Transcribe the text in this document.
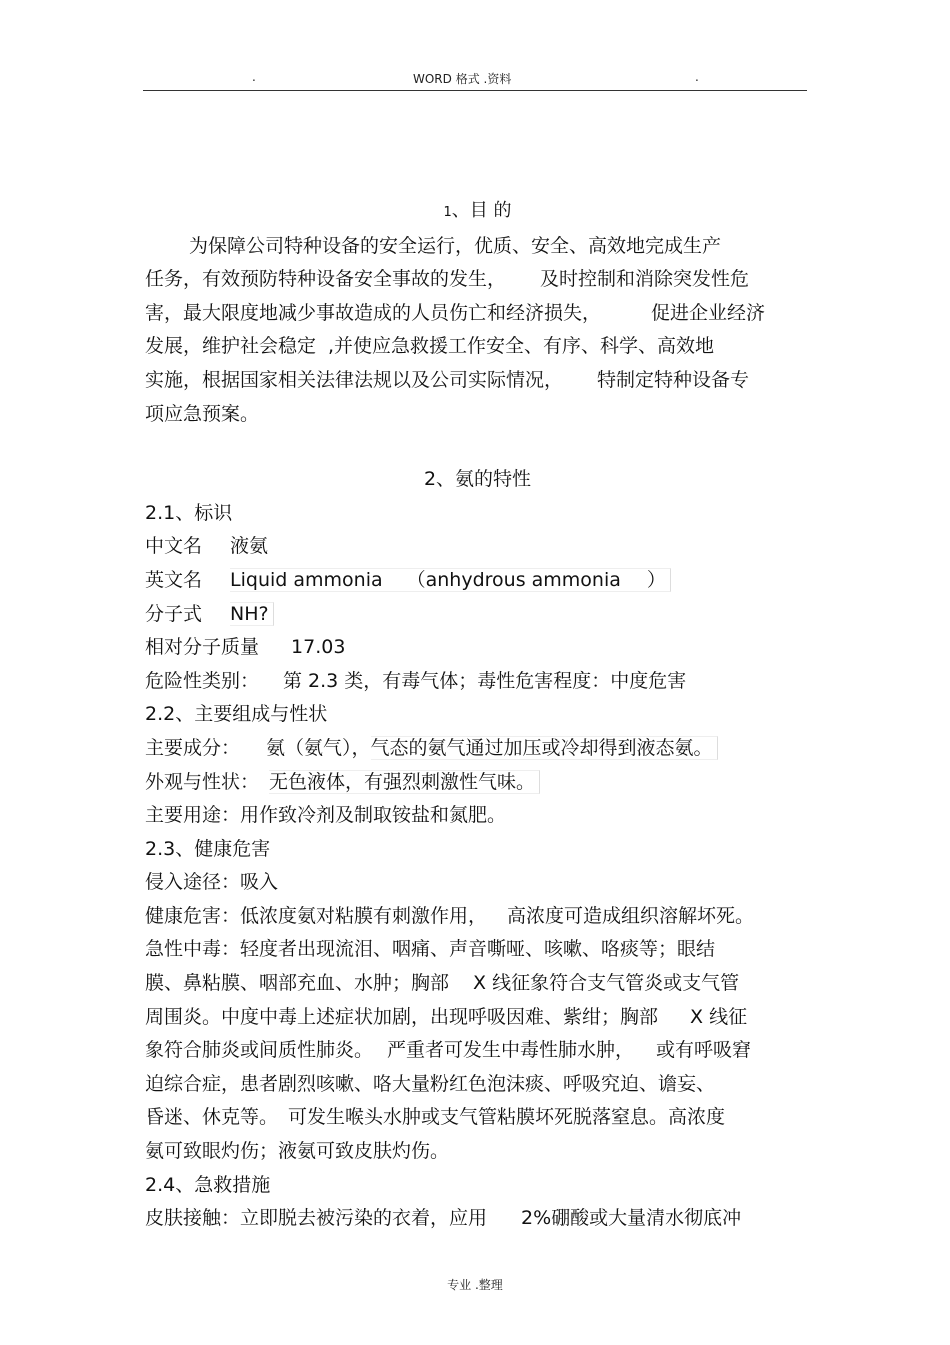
.	WORD 格式 .资料	.
1、目 的
为保障公司特种设备的安全运行，优质、安全、高效地完成生产
任务，有效预防特种设备安全事故的发生， 及时控制和消除突发性危
害，最大限度地减少事故造成的人员伤亡和经济损失，	促进企业经济
发展，维护社会稳定 ,并使应急救援工作安全、有序、科学、高效地
实施，根据国家相关法律法规以及公司实际情况， 特制定特种设备专
项应急预案。
2、氨的特性
2.1、标识
中文名 液氨
英文名 Liquid ammonia （anhydrous ammonia ）
分子式 NH?
相对分子质量 17.03
危险性类别： 第 2.3 类，有毒气体；毒性危害程度：中度危害
2.2、主要组成与性状
主要成分： 氨（氨气），气态的氨气通过加压或冷却得到液态氨。
外观与性状： 无色液体，有强烈刺激性气味。
主要用途：用作致冷剂及制取铵盐和氮肥。
2.3、健康危害
侵入途径：吸入
健康危害：低浓度氨对粘膜有刺激作用， 高浓度可造成组织溶解坏死。
急性中毒：轻度者出现流泪、咽痛、声音嘶哑、咳嗽、咯痰等；眼结
膜、鼻粘膜、咽部充血、水肿；胸部 X 线征象符合支气管炎或支气管
周围炎。中度中毒上述症状加剧，出现呼吸因难、紫绀；胸部 X 线征
象符合肺炎或间质性肺炎。 严重者可发生中毒性肺水肿， 或有呼吸窘
迫综合症，患者剧烈咳嗽、咯大量粉红色泡沫痰、呼吸究迫、谵妄、
昏迷、休克等。 可发生喉头水肿或支气管粘膜坏死脱落窒息。高浓度
氨可致眼灼伤；液氨可致皮肤灼伤。
2.4、急救措施
皮肤接触：立即脱去被污染的衣着，应用 2%硼酸或大量清水彻底冲
专业 .整理
